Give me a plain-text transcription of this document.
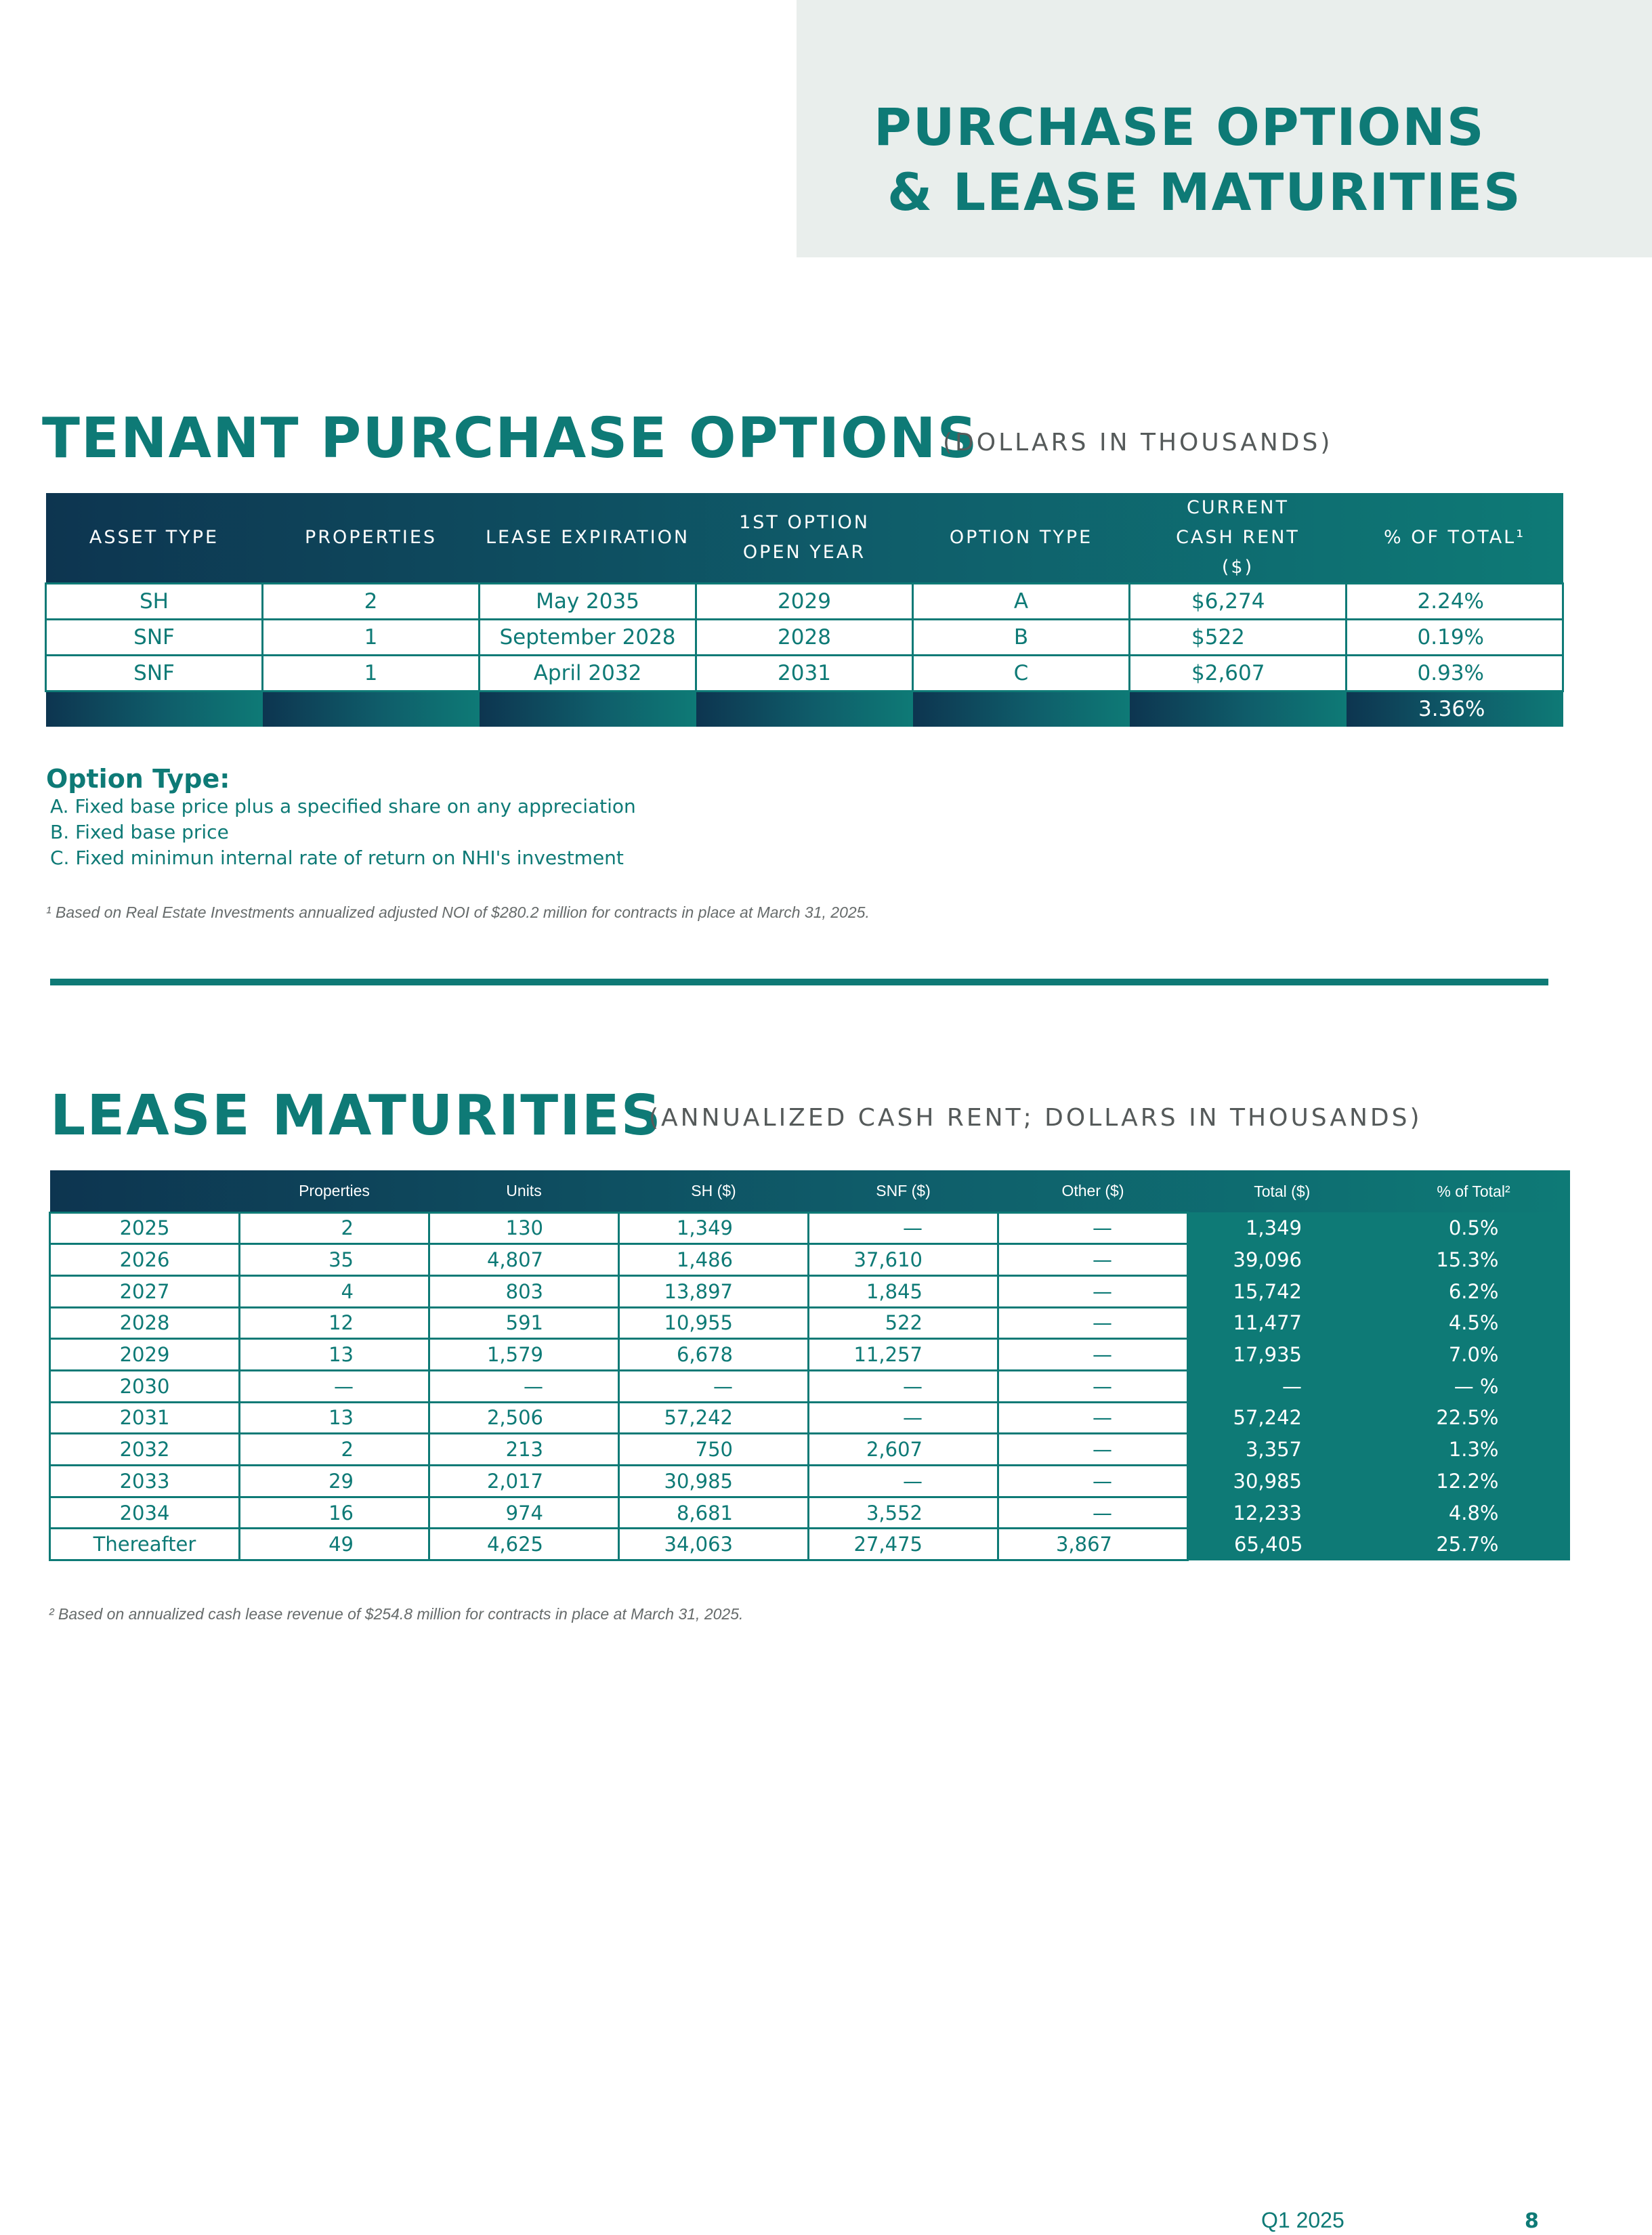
PURCHASE OPTIONS
& LEASE MATURITIES
TENANT PURCHASE OPTIONS
(DOLLARS IN THOUSANDS)
ASSET TYPE	PROPERTIES	LEASE EXPIRATION	1ST OPTION OPEN YEAR	OPTION TYPE	CURRENT CASH RENT ($)	% OF TOTAL¹
SH	2	May 2035	2029	A	$6,274	2.24%
SNF	1	September 2028	2028	B	$522	0.19%
SNF	1	April 2032	2031	C	$2,607	0.93%
						3.36%
Option Type:
A. Fixed base price plus a specified share on any appreciation
B. Fixed base price
C. Fixed minimun internal rate of return on NHI's investment
¹ Based on Real Estate Investments annualized adjusted NOI of $280.2 million for contracts in place at March 31, 2025.
LEASE MATURITIES
(ANNUALIZED CASH RENT; DOLLARS IN THOUSANDS)
	Properties	Units	SH ($)	SNF ($)	Other ($)	Total ($)	% of Total²
2025	2	130	1,349	—	—	1,349	0.5%
2026	35	4,807	1,486	37,610	—	39,096	15.3%
2027	4	803	13,897	1,845	—	15,742	6.2%
2028	12	591	10,955	522	—	11,477	4.5%
2029	13	1,579	6,678	11,257	—	17,935	7.0%
2030	—	—	—	—	—	—	— %
2031	13	2,506	57,242	—	—	57,242	22.5%
2032	2	213	750	2,607	—	3,357	1.3%
2033	29	2,017	30,985	—	—	30,985	12.2%
2034	16	974	8,681	3,552	—	12,233	4.8%
Thereafter	49	4,625	34,063	27,475	3,867	65,405	25.7%
² Based on annualized cash lease revenue of $254.8 million for contracts in place at March 31, 2025.
Q1 2025	8
